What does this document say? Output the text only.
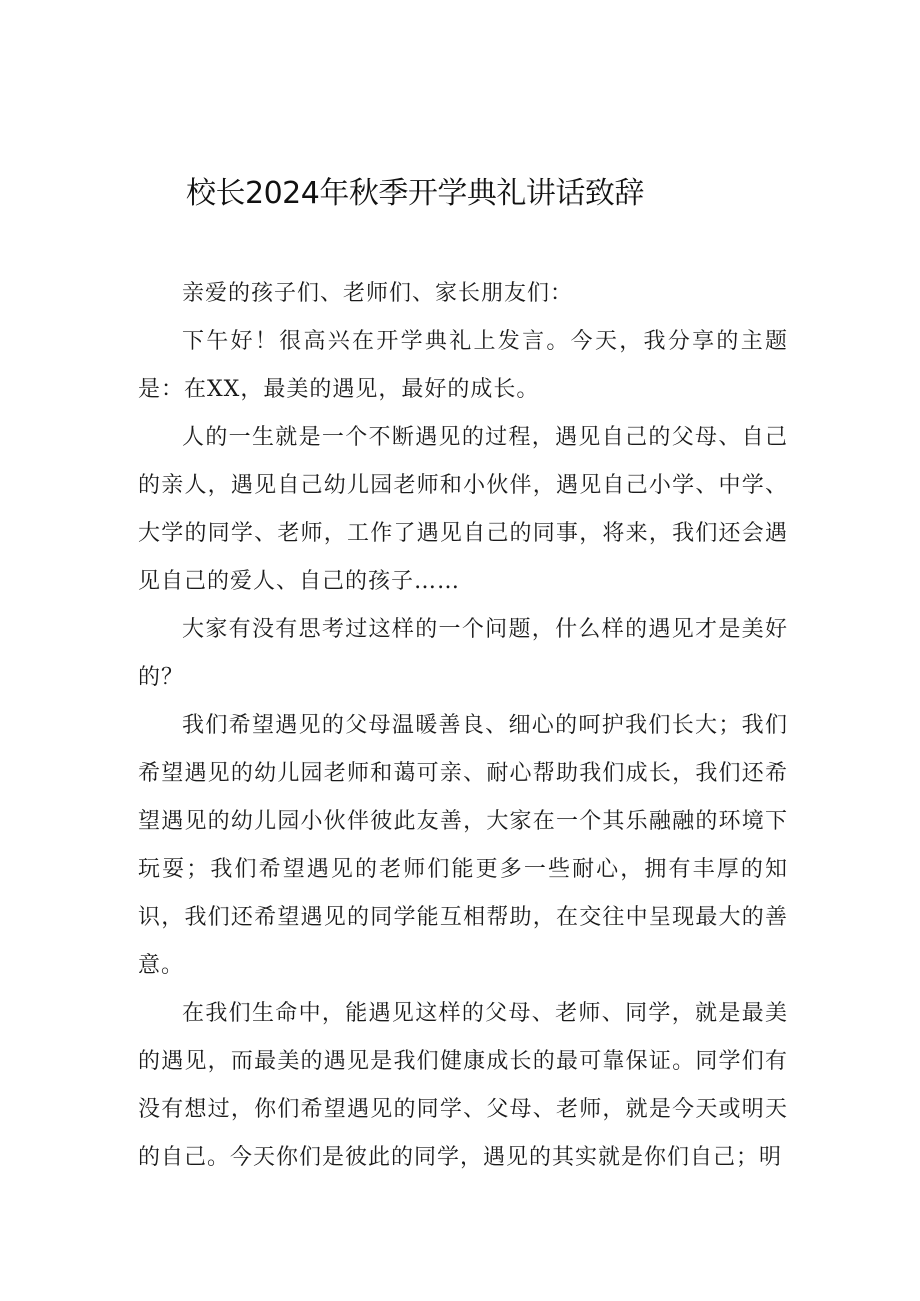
校长2024年秋季开学典礼讲话致辞

亲爱的孩子们、老师们、家长朋友们：

下午好！很高兴在开学典礼上发言。今天，我分享的主题是：在XX，最美的遇见，最好的成长。

人的一生就是一个不断遇见的过程，遇见自己的父母、自己的亲人，遇见自己幼儿园老师和小伙伴，遇见自己小学、中学、大学的同学、老师，工作了遇见自己的同事，将来，我们还会遇见自己的爱人、自己的孩子……

大家有没有思考过这样的一个问题，什么样的遇见才是美好的？

我们希望遇见的父母温暖善良、细心的呵护我们长大；我们希望遇见的幼儿园老师和蔼可亲、耐心帮助我们成长，我们还希望遇见的幼儿园小伙伴彼此友善，大家在一个其乐融融的环境下玩耍；我们希望遇见的老师们能更多一些耐心，拥有丰厚的知识，我们还希望遇见的同学能互相帮助，在交往中呈现最大的善意。

在我们生命中，能遇见这样的父母、老师、同学，就是最美的遇见，而最美的遇见是我们健康成长的最可靠保证。同学们有没有想过，你们希望遇见的同学、父母、老师，就是今天或明天的自己。今天你们是彼此的同学，遇见的其实就是你们自己；明
